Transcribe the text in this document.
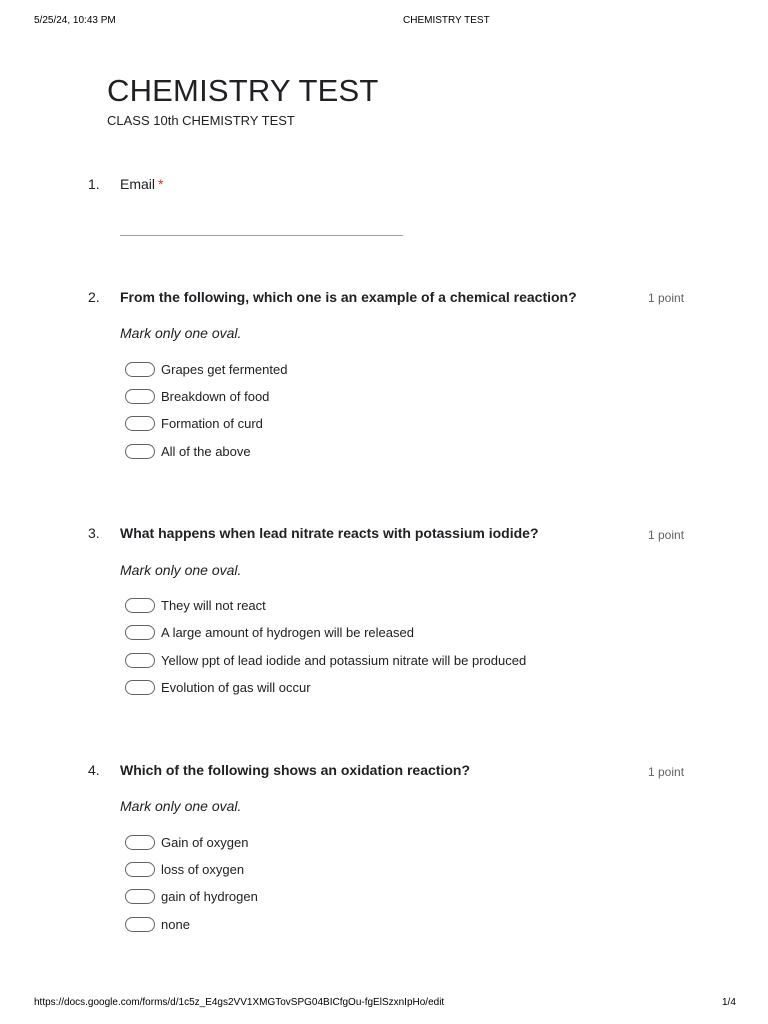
5/25/24, 10:43 PM	CHEMISTRY TEST
CHEMISTRY TEST
CLASS 10th CHEMISTRY TEST
1. Email *
2. From the following, which one is an example of a chemical reaction?	1 point
Mark only one oval.
Grapes get fermented
Breakdown of food
Formation of curd
All of the above
3. What happens when lead nitrate reacts with potassium iodide?	1 point
Mark only one oval.
They will not react
A large amount of hydrogen will be released
Yellow ppt of lead iodide and potassium nitrate will be produced
Evolution of gas will occur
4. Which of the following shows an oxidation reaction?	1 point
Mark only one oval.
Gain of oxygen
loss of oxygen
gain of hydrogen
none
https://docs.google.com/forms/d/1c5z_E4gs2VV1XMGTovSPG04BICfgOu-fgElSzxnIpHo/edit	1/4
